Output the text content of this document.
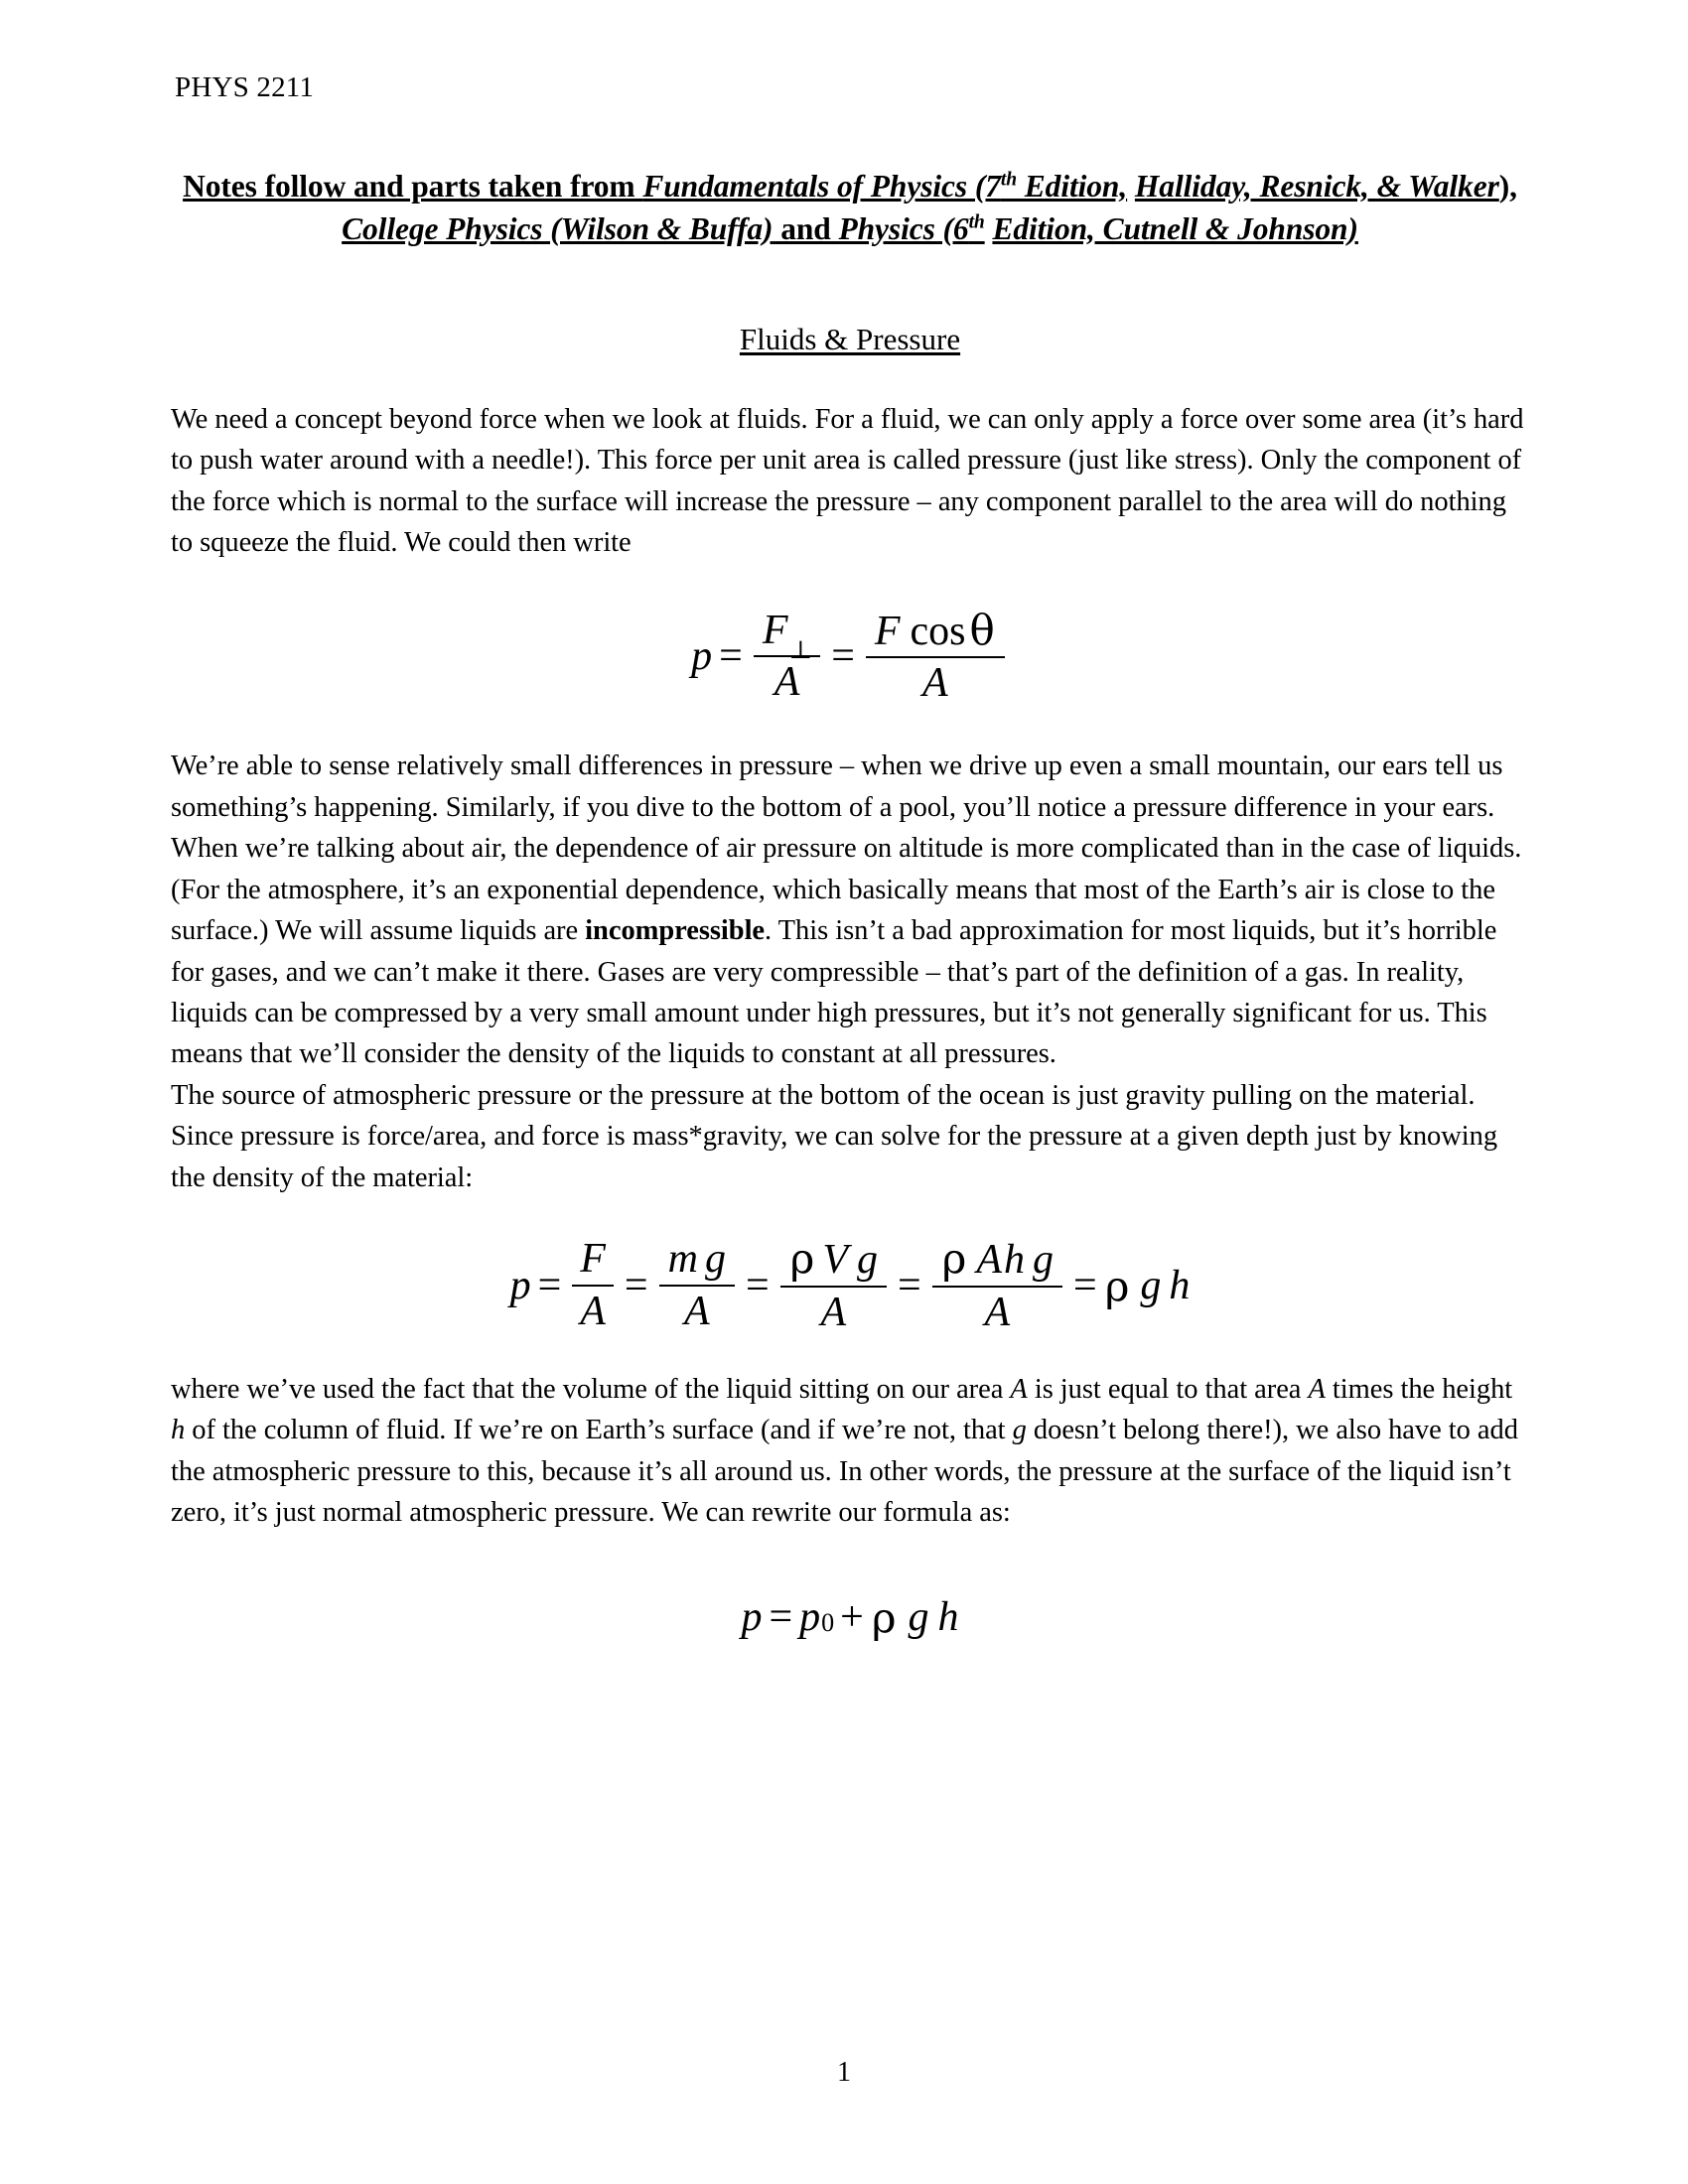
PHYS 2211
Notes follow and parts taken from Fundamentals of Physics (7th Edition, Halliday, Resnick, & Walker), College Physics (Wilson & Buffa) and Physics (6th Edition, Cutnell & Johnson)
Fluids & Pressure

We need a concept beyond force when we look at fluids. For a fluid, we can only apply a force over some area (it’s hard to push water around with a needle!). This force per unit area is called pressure (just like stress). Only the component of the force which is normal to the surface will increase the pressure – any component parallel to the area will do nothing to squeeze the fluid. We could then write

$p = \frac{F_\perp}{A} = \frac{\text{F cosθ}}{A}$

We’re able to sense relatively small differences in pressure – when we drive up even a small mountain, our ears tell us something’s happening. Similarly, if you dive to the bottom of a pool, you’ll notice a pressure difference in your ears. When we’re talking about air, the dependence of air pressure on altitude is more complicated than in the case of liquids. (For the atmosphere, it’s an exponential dependence, which basically means that most of the Earth’s air is close to the surface.) We will assume liquids are incompressible. This isn’t a bad approximation for most liquids, but it’s horrible for gases, and we can’t make it there. Gases are very compressible – that’s part of the definition of a gas. In reality, liquids can be compressed by a very small amount under high pressures, but it’s not generally significant for us. This means that we’ll consider the density of the liquids to constant at all pressures.

The source of atmospheric pressure or the pressure at the bottom of the ocean is just gravity pulling on the material. Since pressure is force/area, and force is mass*gravity, we can solve for the pressure at a given depth just by knowing the density of the material:

$p = \frac{F}{A} = \frac{\text{m g}}{A} = \frac{\text{ρ V g}}{A} = \frac{\text{ρ Ah g}}{A} = \rho$ g h

where we’ve used the fact that the volume of the liquid sitting on our area A is just equal to that area A times the height h of the column of fluid. If we’re on Earth’s surface (and if we’re not, that g doesn’t belong there!), we also have to add the atmospheric pressure to this, because it’s all around us. In other words, the pressure at the surface of the liquid isn’t zero, it’s just normal atmospheric pressure. We can rewrite our formula as:

p = p 0 + ρ g h
1
